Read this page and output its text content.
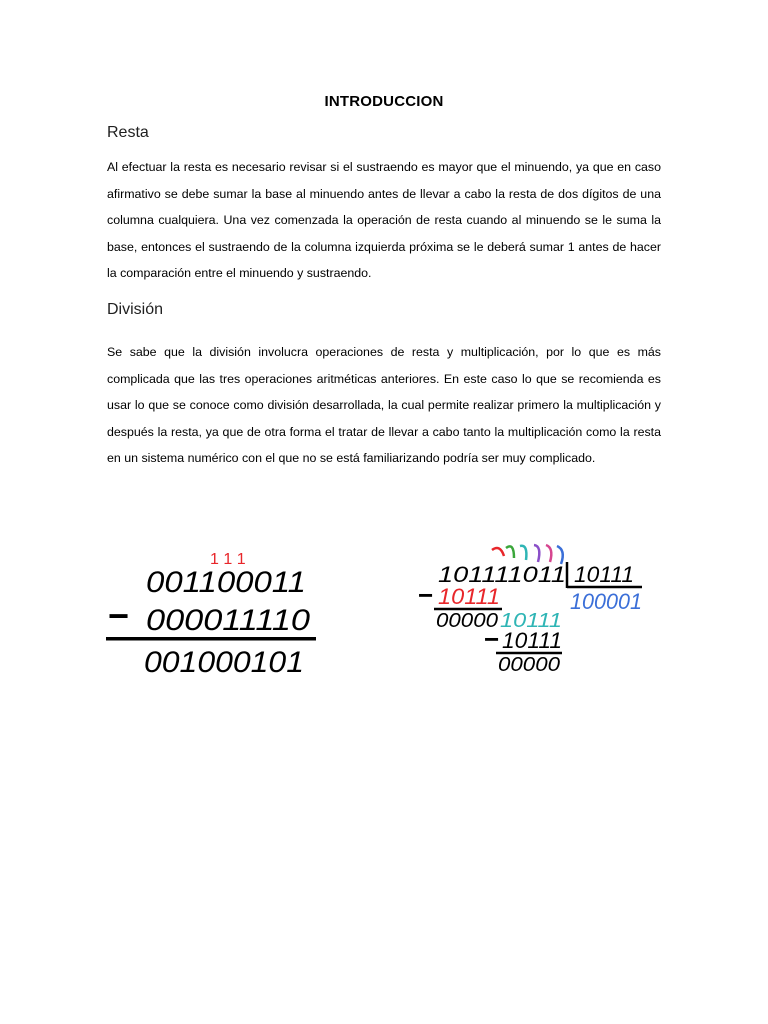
INTRODUCCION
Resta
Al efectuar la resta es necesario revisar si el sustraendo es mayor que el minuendo, ya que en caso afirmativo se debe sumar la base al minuendo antes de llevar a cabo la resta de dos dígitos de una columna cualquiera. Una vez comenzada la operación de resta cuando al minuendo se le suma la base, entonces el sustraendo de la columna izquierda próxima se le deberá sumar 1 antes de hacer la comparación entre el minuendo y sustraendo.
División
Se sabe que la división involucra operaciones de resta y multiplicación, por lo que es más complicada que las tres operaciones aritméticas anteriores. En este caso lo que se recomienda es usar lo que se conoce como división desarrollada, la cual permite realizar primero la multiplicación y después la resta, ya que de otra forma el tratar de llevar a cabo tanto la multiplicación como la resta en un sistema numérico con el que no se está familiarizando podría ser muy complicado.
1 1 1
001100011
− 000011110
001000101
101111011 10111
100001
− 10111
00000 10111
− 10111
00000
